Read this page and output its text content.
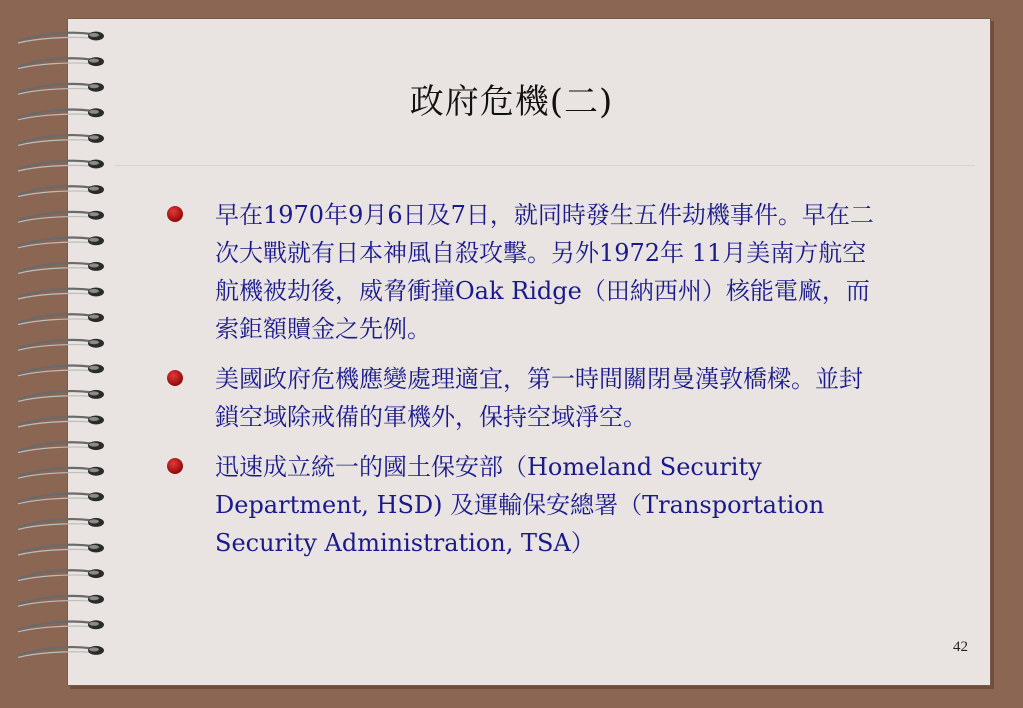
政府危機(二)
早在1970年9月6日及7日，就同時發生五件劫機事件。早在二次大戰就有日本神風自殺攻擊。另外1972年 11月美南方航空航機被劫後，威脅衝撞Oak Ridge（田納西州）核能電廠，而索鉅額贖金之先例。
美國政府危機應變處理適宜，第一時間關閉曼漢敦橋樑。並封鎖空域除戒備的軍機外，保持空域淨空。
迅速成立統一的國土保安部（Homeland Security Department, HSD) 及運輸保安總署（Transportation Security Administration, TSA）
42
